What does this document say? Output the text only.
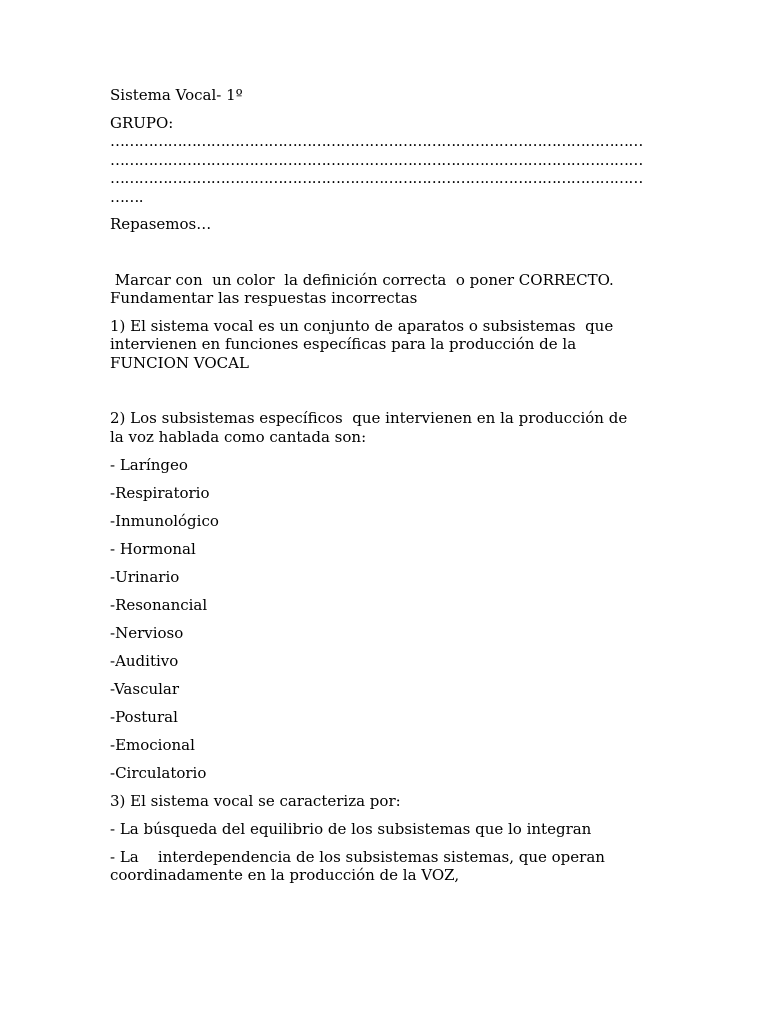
Sistema Vocal- 1º
GRUPO:
…………………………………………………………………………………………………
…………………………………………………………………………………………………
…………………………………………………………………………………………………
…….
Repasemos…
Marcar con  un color  la definición correcta  o poner CORRECTO.
Fundamentar las respuestas incorrectas
1) El sistema vocal es un conjunto de aparatos o subsistemas  que
intervienen en funciones específicas para la producción de la
FUNCION VOCAL
2) Los subsistemas específicos  que intervienen en la producción de
la voz hablada como cantada son:
- Laríngeo
-Respiratorio
-Inmunológico
- Hormonal
-Urinario
-Resonancial
-Nervioso
-Auditivo
-Vascular
-Postural
-Emocional
-Circulatorio
3) El sistema vocal se caracteriza por:
- La búsqueda del equilibrio de los subsistemas que lo integran
- La    interdependencia de los subsistemas sistemas, que operan
coordinadamente en la producción de la VOZ,
